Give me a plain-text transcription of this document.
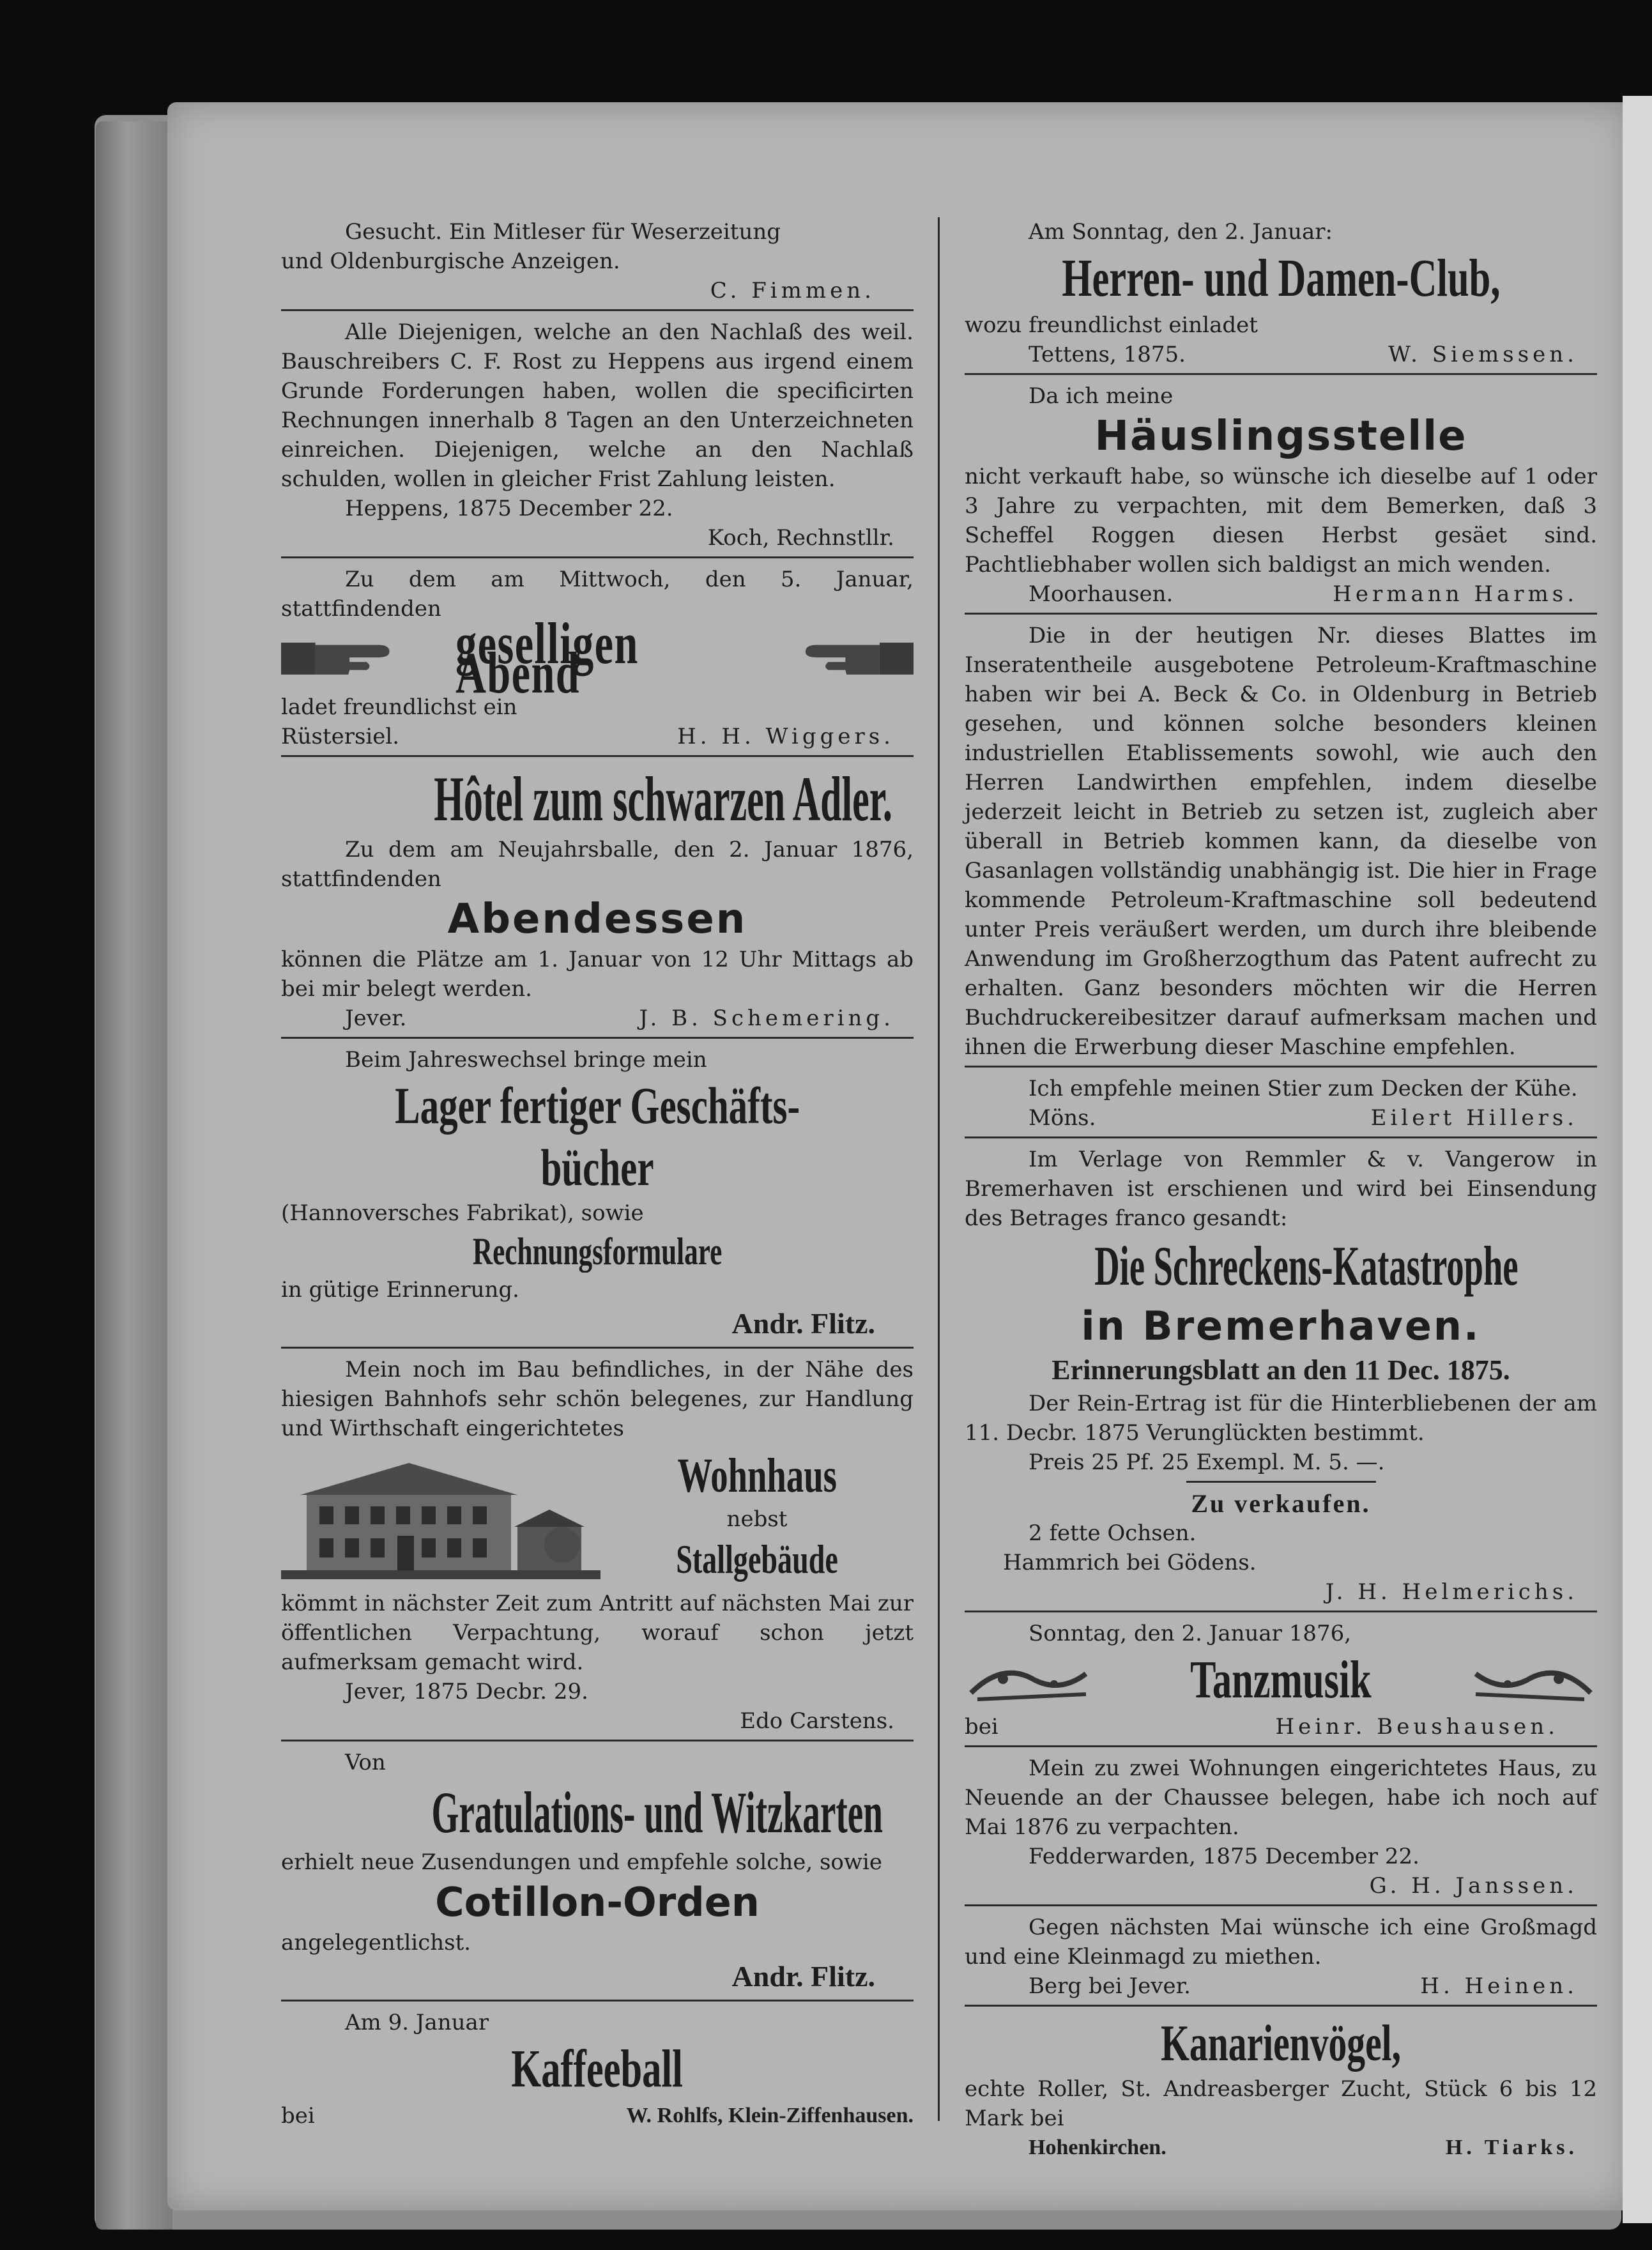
Gesucht. Ein Mitleser für Weserzeitung

und Oldenburgische Anzeigen.

C. Fimmen.

Alle Diejenigen, welche an den Nachlaß des weil. Bauschreibers C. F. Rost zu Heppens aus irgend einem Grunde Forderungen haben, wollen die specificirten Rechnungen innerhalb 8 Tagen an den Unterzeichneten einreichen. Diejenigen, welche an den Nachlaß schulden, wollen in gleicher Frist Zahlung leisten.

Heppens, 1875 December 22.

Koch, Rechnstllr.

Zu dem am Mittwoch, den 5. Januar, stattfindenden

geselligen Abend

ladet freundlichst ein

Rüstersiel.	H. H. Wiggers.

Hôtel zum schwarzen Adler.

Zu dem am Neujahrsballe, den 2. Januar 1876, stattfindenden

Abendessen

können die Plätze am 1. Januar von 12 Uhr Mittags ab bei mir belegt werden.

Jever.	J. B. Schemering.

Beim Jahreswechsel bringe mein

Lager fertiger Geschäfts-

bücher

(Hannoversches Fabrikat), sowie

Rechnungsformulare

in gütige Erinnerung.

Andr. Flitz.

Mein noch im Bau befindliches, in der Nähe des hiesigen Bahnhofs sehr schön belegenes, zur Handlung und Wirthschaft eingerichtetes

Wohnhaus

nebst

Stallgebäude

kömmt in nächster Zeit zum Antritt auf nächsten Mai zur öffentlichen Verpachtung, worauf schon jetzt aufmerksam gemacht wird.

Jever, 1875 Decbr. 29.

Edo Carstens.

Von

Gratulations- und Witzkarten

erhielt neue Zusendungen und empfehle solche, sowie

Cotillon-Orden

angelegentlichst.

Andr. Flitz.

Am 9. Januar

Kaffeeball

bei	W. Rohlfs, Klein-Ziffenhausen.

Am Sonntag, den 2. Januar:

Herren- und Damen-Club,

wozu freundlichst einladet

Tettens, 1875.	W. Siemssen.

Da ich meine

Häuslingsstelle

nicht verkauft habe, so wünsche ich dieselbe auf 1 oder 3 Jahre zu verpachten, mit dem Bemerken, daß 3 Scheffel Roggen diesen Herbst gesäet sind. Pachtliebhaber wollen sich baldigst an mich wenden.

Moorhausen.	Hermann Harms.

Die in der heutigen Nr. dieses Blattes im Inseratentheile ausgebotene Petroleum-Kraftmaschine haben wir bei A. Beck & Co. in Oldenburg in Betrieb gesehen, und können solche besonders kleinen industriellen Etablissements sowohl, wie auch den Herren Landwirthen empfehlen, indem dieselbe jederzeit leicht in Betrieb zu setzen ist, zugleich aber überall in Betrieb kommen kann, da dieselbe von Gasanlagen vollständig unabhängig ist. Die hier in Frage kommende Petroleum-Kraftmaschine soll bedeutend unter Preis veräußert werden, um durch ihre bleibende Anwendung im Großherzogthum das Patent aufrecht zu erhalten. Ganz besonders möchten wir die Herren Buchdruckereibesitzer darauf aufmerksam machen und ihnen die Erwerbung dieser Maschine empfehlen.

Ich empfehle meinen Stier zum Decken der Kühe.

Möns.	Eilert Hillers.

Im Verlage von Remmler & v. Vangerow in Bremerhaven ist erschienen und wird bei Einsendung des Betrages franco gesandt:

Die Schreckens-Katastrophe

in Bremerhaven.

Erinnerungsblatt an den 11 Dec. 1875.

Der Rein-Ertrag ist für die Hinterbliebenen der am 11. Decbr. 1875 Verunglückten bestimmt.

Preis 25 Pf. 25 Exempl. M. 5. —.

Zu verkaufen.

2 fette Ochsen.

Hammrich bei Gödens.

J. H. Helmerichs.

Sonntag, den 2. Januar 1876,

Tanzmusik
bei	Heinr. Beushausen.

Mein zu zwei Wohnungen eingerichtetes Haus, zu Neuende an der Chaussee belegen, habe ich noch auf Mai 1876 zu verpachten.

Fedderwarden, 1875 December 22.

G. H. Janssen.

Gegen nächsten Mai wünsche ich eine Großmagd und eine Kleinmagd zu miethen.

Berg bei Jever.	H. Heinen.

Kanarienvögel,

echte Roller, St. Andreasberger Zucht, Stück 6 bis 12 Mark bei

Hohenkirchen.	H. Tiarks.
